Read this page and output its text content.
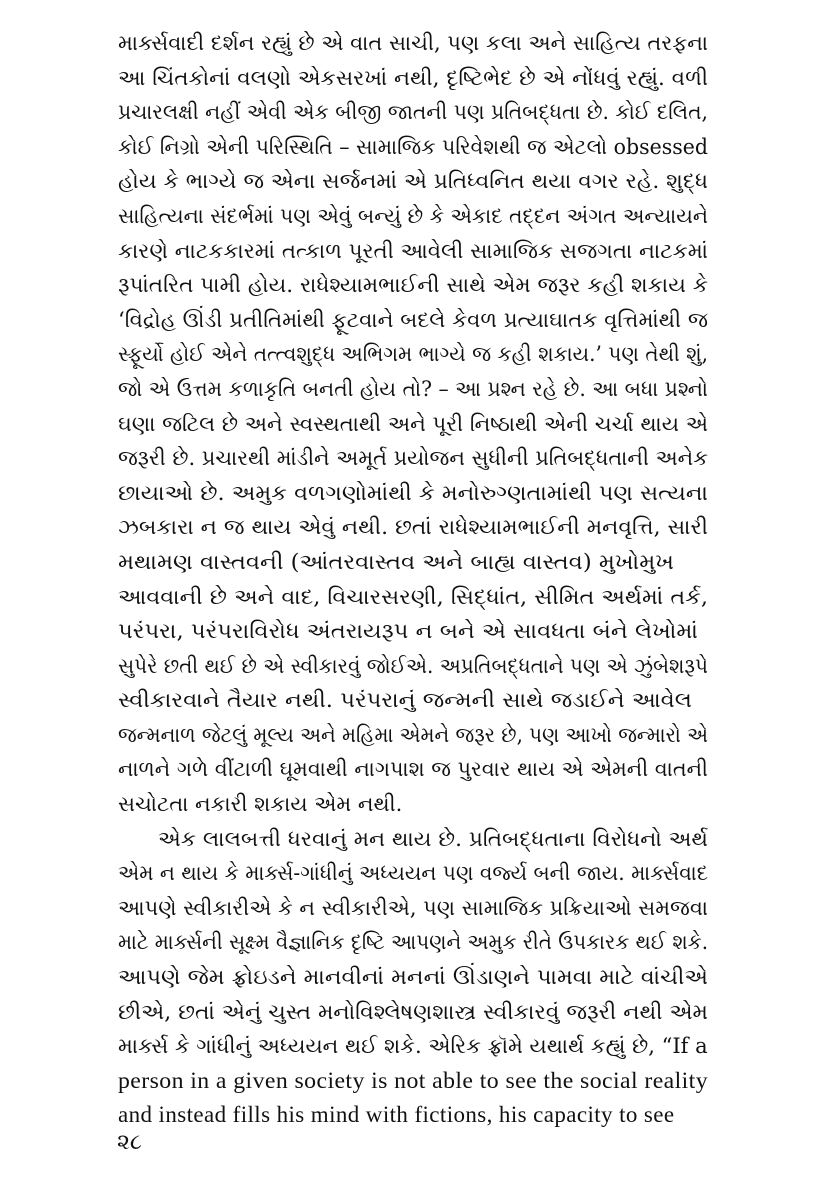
માર્ક્સવાદી દર્શન રહ્યું છે એ વાત સાચી, પણ કલા અને સાહિત્ય તરફના
આ ચિંતકોનાં વલણો એકસરખાં નથી, દૃષ્ટિભેદ છે એ નોંધવું રહ્યું. વળી
પ્રચારલક્ષી નહીં એવી એક બીજી જાતની પણ પ્રતિબદ્ધતા છે. કોઈ દલિત,
કોઈ નિગ્રો એની પરિસ્થિતિ – સામાજિક પરિવેશથી જ એટલો obsessed
હોય કે ભાગ્યે જ એના સર્જનમાં એ પ્રતિધ્વનિત થયા વગર રહે. શુદ્ધ
સાહિત્યના સંદર્ભમાં પણ એવું બન્યું છે કે એકાદ તદ્દન અંગત અન્યાયને
કારણે નાટકકારમાં તત્કાળ પૂરતી આવેલી સામાજિક સજગતા નાટકમાં
રૂપાંતરિત પામી હોય. રાધેશ્યામભાઈની સાથે એમ જરૂર કહી શકાય કે
‘વિદ્રોહ ઊંડી પ્રતીતિમાંથી ફૂટવાને બદલે કેવળ પ્રત્યાઘાતક વૃત્તિમાંથી જ
સ્ફૂર્યો હોઈ એને તત્ત્વશુદ્ધ અભિગમ ભાગ્યે જ કહી શકાય.’ પણ તેથી શું,
જો એ ઉત્તમ કળાકૃતિ બનતી હોય તો? – આ પ્રશ્ન રહે છે. આ બધા પ્રશ્નો
ઘણા જટિલ છે અને સ્વસ્થતાથી અને પૂરી નિષ્ઠાથી એની ચર્ચા થાય એ
જરૂરી છે. પ્રચારથી માંડીને અમૂર્ત પ્રયોજન સુધીની પ્રતિબદ્ધતાની અનેક
છાયાઓ છે. અમુક વળગણોમાંથી કે મનોરુગ્ણતામાંથી પણ સત્યના
ઝબકારા ન જ થાય એવું નથી. છતાં રાધેશ્યામભાઈની મનવૃત્તિ, સારી
મથામણ વાસ્તવની (આંતરવાસ્તવ અને બાહ્ય વાસ્તવ) મુખોમુખ
આવવાની છે અને વાદ, વિચારસરણી, સિદ્ધાંત, સીમિત અર્થમાં તર્ક,
પરંપરા, પરંપરાવિરોધ અંતરાયરૂપ ન બને એ સાવધતા બંને લેખોમાં
સુપેરે છતી થઈ છે એ સ્વીકારવું જોઈએ. અપ્રતિબદ્ધતાને પણ એ ઝુંબેશરૂપે
સ્વીકારવાને તૈયાર નથી. પરંપરાનું જન્મની સાથે જડાઈને આવેલ
જન્મનાળ જેટલું મૂલ્ય અને મહિમા એમને જરૂર છે, પણ આખો જન્મારો એ
નાળને ગળે વીંટાળી ઘૂમવાથી નાગપાશ જ પુરવાર થાય એ એમની વાતની
સચોટતા નકારી શકાય એમ નથી.
એક લાલબત્તી ધરવાનું મન થાય છે. પ્રતિબદ્ધતાના વિરોધનો અર્થ
એમ ન થાય કે માર્ક્સ-ગાંધીનું અધ્યયન પણ વર્જ્ય બની જાય. માર્ક્સવાદ
આપણે સ્વીકારીએ કે ન સ્વીકારીએ, પણ સામાજિક પ્રક્રિયાઓ સમજવા
માટે માર્ક્સની સૂક્ષ્મ વૈજ્ઞાનિક દૃષ્ટિ આપણને અમુક રીતે ઉપકારક થઈ શકે.
આપણે જેમ ફ્રોઇડને માનવીનાં મનનાં ઊંડાણને પામવા માટે વાંચીએ
છીએ, છતાં એનું ચુસ્ત મનોવિશ્લેષણશાસ્ત્ર સ્વીકારવું જરૂરી નથી એમ
માર્ક્સ કે ગાંધીનું અધ્યયન થઈ શકે. એરિક ફ્રૉમે યથાર્થ કહ્યું છે, “If a
person in a given society is not able to see the social reality
and instead fills his mind with fictions, his capacity to see
૨૮
